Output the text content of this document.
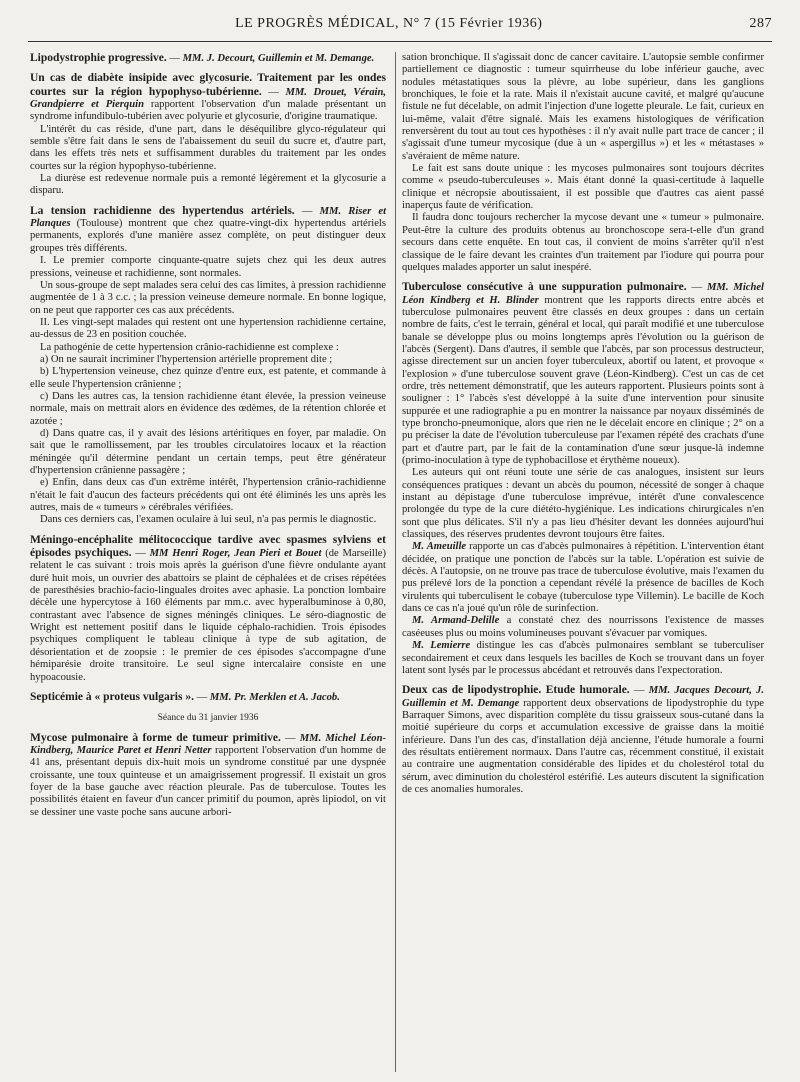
LE PROGRÈS MÉDICAL, N° 7 (15 Février 1936)	287

Lipodystrophie progressive. — MM. J. Decourt, Guillemin et M. Demange.

Un cas de diabète insipide avec glycosurie. Traitement par les ondes courtes sur la région hypophyso-tubérienne. — MM. Drouet, Vérain, Grandpierre et Pierquin rapportent l'observation d'un malade présentant un syndrome infundibulo-tubérien avec polyurie et glycosurie, d'origine traumatique.

L'intérêt du cas réside, d'une part, dans le déséquilibre glyco-régulateur qui semble s'être fait dans le sens de l'abaissement du seuil du sucre et, d'autre part, dans les effets très nets et suffisamment durables du traitement par les ondes courtes sur la région hypophyso-tubérienne.

La diurèse est redevenue normale puis a remonté légèrement et la glycosurie a disparu.

La tension rachidienne des hypertendus artériels. — MM. Riser et Planques (Toulouse) montrent que chez quatre-vingt-dix hypertendus artériels permanents, explorés d'une manière assez complète, on peut distinguer deux groupes très différents.

I. Le premier comporte cinquante-quatre sujets chez qui les deux autres pressions, veineuse et rachidienne, sont normales.

Un sous-groupe de sept malades sera celui des cas limites, à pression rachidienne augmentée de 1 à 3 c.c. ; la pression veineuse demeure normale. En bonne logique, on ne peut que rapporter ces cas aux précédents.

II. Les vingt-sept malades qui restent ont une hypertension rachidienne certaine, au-dessus de 23 en position couchée.

La pathogénie de cette hypertension crânio-rachidienne est complexe :

a) On ne saurait incriminer l'hypertension artérielle proprement dite ;

b) L'hypertension veineuse, chez quinze d'entre eux, est patente, et commande à elle seule l'hypertension crânienne ;

c) Dans les autres cas, la tension rachidienne étant élevée, la pression veineuse normale, mais on mettrait alors en évidence des œdèmes, de la rétention chlorée et azotée ;

d) Dans quatre cas, il y avait des lésions artéritiques en foyer, par maladie. On sait que le ramollissement, par les troubles circulatoires locaux et la réaction méningée qu'il détermine pendant un certain temps, peut être générateur d'hypertension crânienne passagère ;

e) Enfin, dans deux cas d'un extrême intérêt, l'hypertension crânio-rachidienne n'était le fait d'aucun des facteurs précédents qui ont été éliminés les uns après les autres, mais de « tumeurs » cérébrales vérifiées.

Dans ces derniers cas, l'examen oculaire à lui seul, n'a pas permis le diagnostic.

Méningo-encéphalite mélitococcique tardive avec spasmes sylviens et épisodes psychiques. — MM Henri Roger, Jean Pieri et Bouet (de Marseille) relatent le cas suivant : trois mois après la guérison d'une fièvre ondulante ayant duré huit mois, un ouvrier des abattoirs se plaint de céphalées et de crises répétées de paresthésies brachio-facio-linguales droites avec aphasie. La ponction lombaire décèle une hypercytose à 160 éléments par mm.c. avec hyperalbuminose à 0,80, contrastant avec l'absence de signes méningés cliniques. Le séro-diagnostic de Wright est nettement positif dans le liquide céphalo-rachidien. Trois épisodes psychiques compliquent le tableau clinique à type de sub agitation, de désorientation et de zoopsie : le premier de ces épisodes s'accompagne d'une hémiparésie droite transitoire. Le seul signe intercalaire consiste en une hypoacousie.

Septicémie à « proteus vulgaris ». — MM. Pr. Merklen et A. Jacob.

Séance du 31 janvier 1936

Mycose pulmonaire à forme de tumeur primitive. — MM. Michel Léon-Kindberg, Maurice Paret et Henri Netter rapportent l'observation d'un homme de 41 ans, présentant depuis dix-huit mois un syndrome constitué par une dyspnée croissante, une toux quinteuse et un amaigrissement progressif. Il existait un gros foyer de la base gauche avec réaction pleurale. Pas de tuberculose. Toutes les possibilités étaient en faveur d'un cancer primitif du poumon, après lipiodol, on vit se dessiner une vaste poche sans aucune arbori-

sation bronchique. Il s'agissait donc de cancer cavitaire. L'autopsie semble confirmer partiellement ce diagnostic : tumeur squirrheuse du lobe inférieur gauche, avec nodules métastatiques sous la plèvre, au lobe supérieur, dans les ganglions bronchiques, le foie et la rate. Mais il n'existait aucune cavité, et malgré qu'aucune fistule ne fut décelable, on admit l'injection d'une logette pleurale. Le fait, curieux en lui-même, valait d'être signalé. Mais les examens histologiques de vérification renversèrent du tout au tout ces hypothèses : il n'y avait nulle part trace de cancer ; il s'agissait d'une tumeur mycosique (due à un « aspergillus ») et les « métastases » s'avéraient de même nature.

Le fait est sans doute unique : les mycoses pulmonaires sont toujours décrites comme « pseudo-tuberculeuses ». Mais étant donné la quasi-certitude à laquelle clinique et nécropsie aboutissaient, il est possible que d'autres cas aient passé inaperçus faute de vérification.

Il faudra donc toujours rechercher la mycose devant une « tumeur » pulmonaire. Peut-être la culture des produits obtenus au bronchoscope sera-t-elle d'un grand secours dans cette enquête. En tout cas, il convient de moins s'arrêter qu'il n'est classique de le faire devant les craintes d'un traitement par l'iodure qui pourra pour quelques malades apporter un salut inespéré.

Tuberculose consécutive à une suppuration pulmonaire. — MM. Michel Léon Kindberg et H. Blinder montrent que les rapports directs entre abcès et tuberculose pulmonaires peuvent être classés en deux groupes : dans un certain nombre de faits, c'est le terrain, général et local, qui paraît modifié et une tuberculose banale se développe plus ou moins longtemps après l'évolution ou la guérison de l'abcès (Sergent). Dans d'autres, il semble que l'abcès, par son processus destructeur, agisse directement sur un ancien foyer tuberculeux, abortif ou latent, et provoque « l'explosion » d'une tuberculose souvent grave (Léon-Kindberg). C'est un cas de cet ordre, très nettement démonstratif, que les auteurs rapportent. Plusieurs points sont à souligner : 1° l'abcès s'est développé à la suite d'une intervention pour sinusite suppurée et une radiographie a pu en montrer la naissance par noyaux disséminés de type broncho-pneumonique, alors que rien ne le décelait encore en clinique ; 2° on a pu préciser la date de l'évolution tuberculeuse par l'examen répété des crachats d'une part et d'autre part, par le fait de la contamination d'une sœur jusque-là indemne (primo-inoculation à type de typhobacillose et érythème noueux).

Les auteurs qui ont réuni toute une série de cas analogues, insistent sur leurs conséquences pratiques : devant un abcès du poumon, nécessité de songer à chaque instant au dépistage d'une tuberculose imprévue, intérêt d'une convalescence prolongée du type de la cure diététo-hygiénique. Les indications chirurgicales n'en sont que plus délicates. S'il n'y a pas lieu d'hésiter devant les données aujourd'hui classiques, des réserves prudentes devront toujours être faites.

M. Ameuille rapporte un cas d'abcès pulmonaires à répétition. L'intervention étant décidée, on pratique une ponction de l'abcès sur la table. L'opération est suivie de décès. A l'autopsie, on ne trouve pas trace de tuberculose évolutive, mais l'examen du pus prélevé lors de la ponction a cependant révélé la présence de bacilles de Koch virulents qui tuberculisent le cobaye (tuberculose type Villemin). Le bacille de Koch dans ce cas n'a joué qu'un rôle de surinfection.

M. Armand-Delille a constaté chez des nourrissons l'existence de masses caséeuses plus ou moins volumineuses pouvant s'évacuer par vomiques.

M. Lemierre distingue les cas d'abcès pulmonaires semblant se tuberculiser secondairement et ceux dans lesquels les bacilles de Koch se trouvant dans un foyer latent sont lysés par le processus abcédant et retrouvés dans l'expectoration.

Deux cas de lipodystrophie. Etude humorale. — MM. Jacques Decourt, J. Guillemin et M. Demange rapportent deux observations de lipodystrophie du type Barraquer Simons, avec disparition complète du tissu graisseux sous-cutané dans la moitié supérieure du corps et accumulation excessive de graisse dans la moitié inférieure. Dans l'un des cas, d'installation déjà ancienne, l'étude humorale a fourni des résultats entièrement normaux. Dans l'autre cas, récemment constitué, il existait au contraire une augmentation considérable des lipides et du cholestérol total du sérum, avec diminution du cholestérol estérifié. Les auteurs discutent la signification de ces anomalies humorales.
